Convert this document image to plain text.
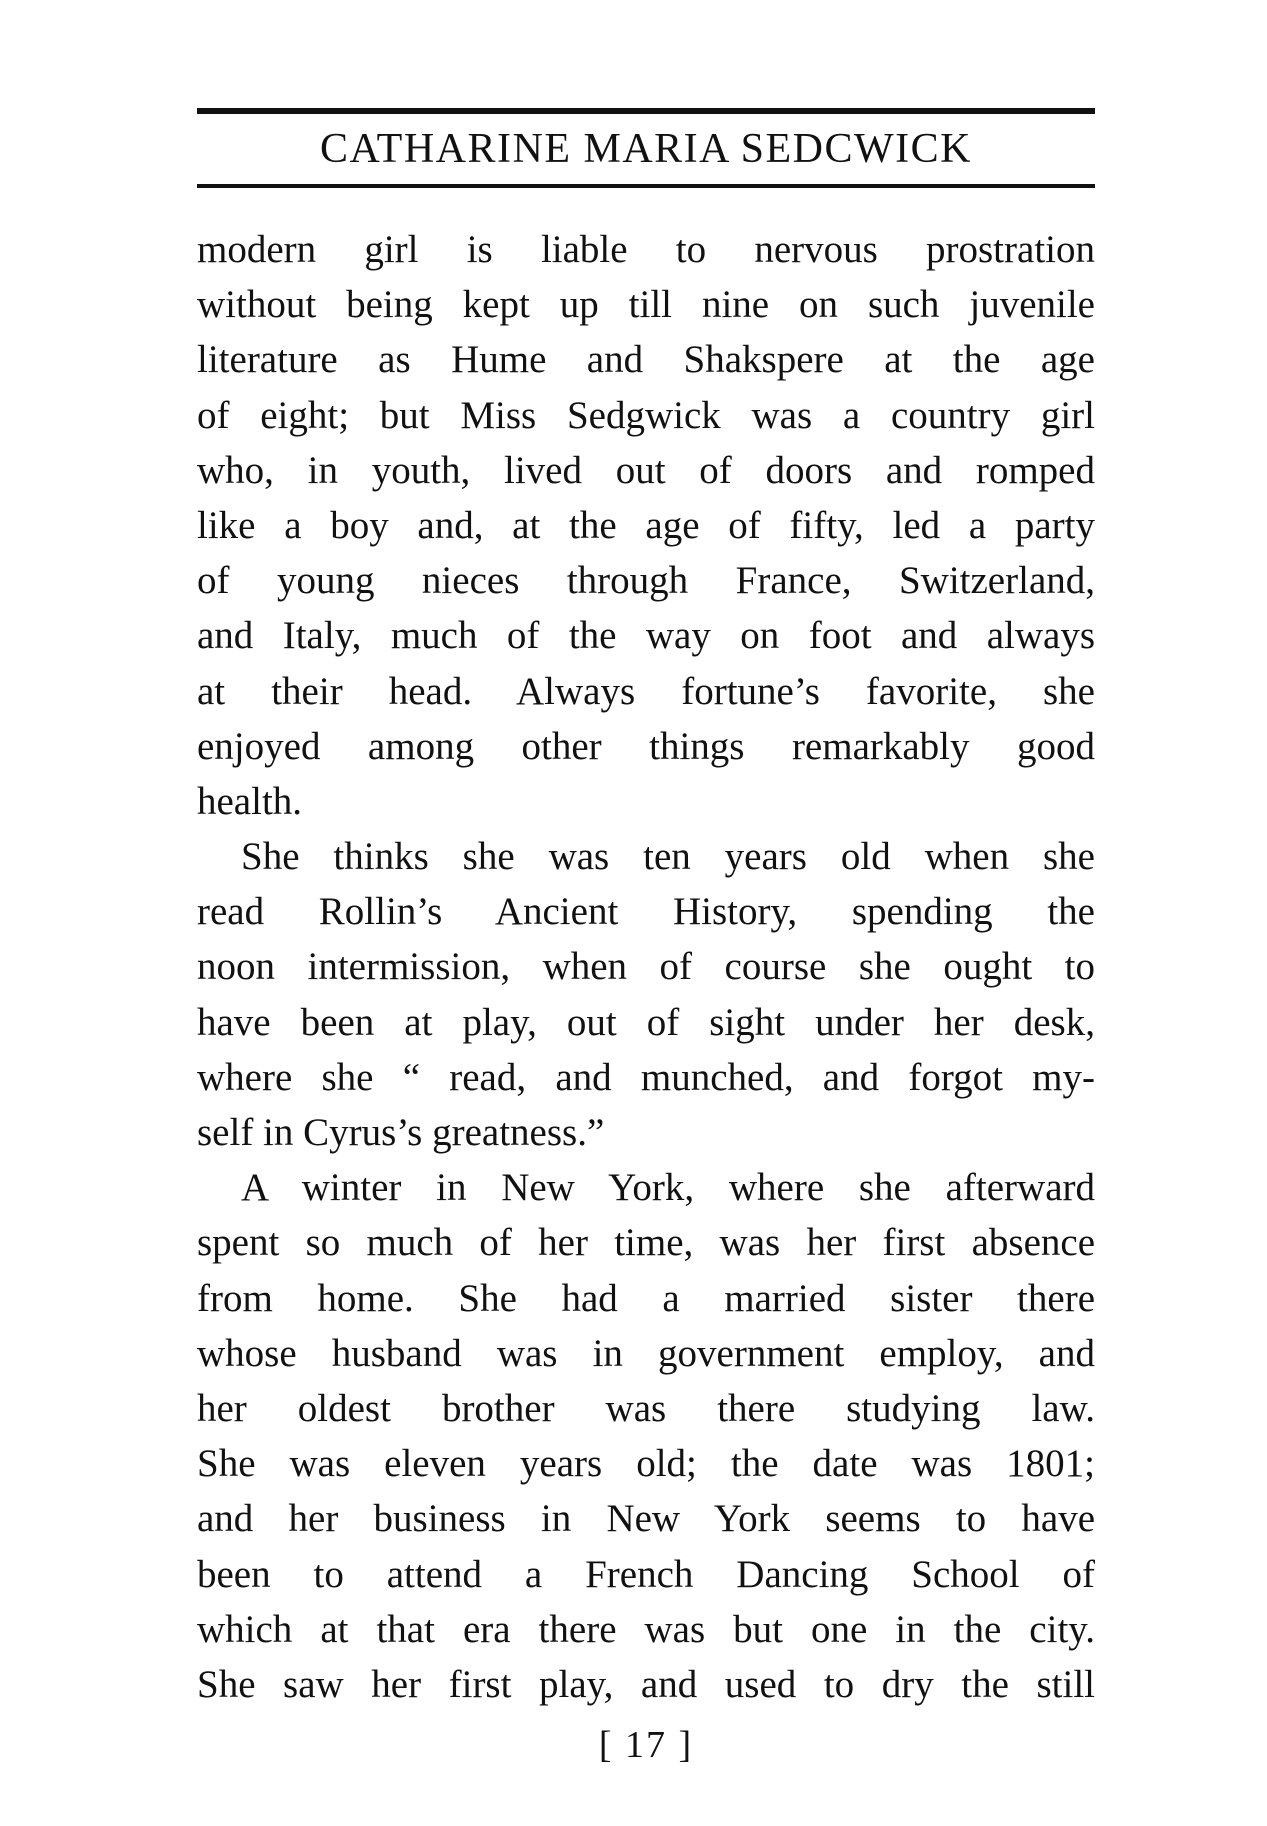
CATHARINE MARIA SEDCWICK

modern girl is liable to nervous prostration
without being kept up till nine on such juvenile
literature as Hume and Shakspere at the age
of eight; but Miss Sedgwick was a country girl
who, in youth, lived out of doors and romped
like a boy and, at the age of fifty, led a party
of young nieces through France, Switzerland,
and Italy, much of the way on foot and always
at their head. Always fortune’s favorite, she
enjoyed among other things remarkably good
health.

She thinks she was ten years old when she
read Rollin’s Ancient History, spending the
noon intermission, when of course she ought to
have been at play, out of sight under her desk,
where she “ read, and munched, and forgot my-
self in Cyrus’s greatness.”

A winter in New York, where she afterward
spent so much of her time, was her first absence
from home. She had a married sister there
whose husband was in government employ, and
her oldest brother was there studying law.
She was eleven years old; the date was 1801;
and her business in New York seems to have
been to attend a French Dancing School of
which at that era there was but one in the city.
She saw her first play, and used to dry the still

[ 17 ]
